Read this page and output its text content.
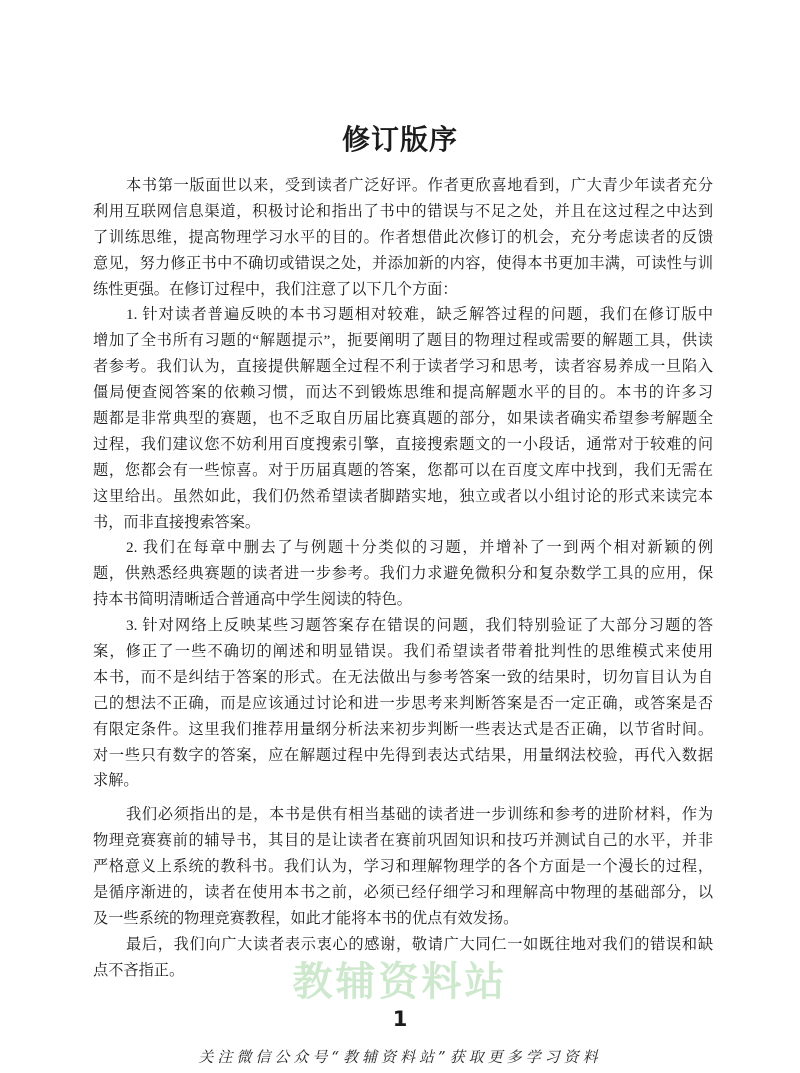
修订版序
教辅资料站
本书第一版面世以来，受到读者广泛好评。作者更欣喜地看到，广大青少年读者充分
利用互联网信息渠道，积极讨论和指出了书中的错误与不足之处，并且在这过程之中达到
了训练思维，提高物理学习水平的目的。作者想借此次修订的机会，充分考虑读者的反馈
意见，努力修正书中不确切或错误之处，并添加新的内容，使得本书更加丰满，可读性与训
练性更强。在修订过程中，我们注意了以下几个方面：
1. 针对读者普遍反映的本书习题相对较难，缺乏解答过程的问题，我们在修订版中
增加了全书所有习题的“解题提示”，扼要阐明了题目的物理过程或需要的解题工具，供读
者参考。我们认为，直接提供解题全过程不利于读者学习和思考，读者容易养成一旦陷入
僵局便查阅答案的依赖习惯，而达不到锻炼思维和提高解题水平的目的。本书的许多习
题都是非常典型的赛题，也不乏取自历届比赛真题的部分，如果读者确实希望参考解题全
过程，我们建议您不妨利用百度搜索引擎，直接搜索题文的一小段话，通常对于较难的问
题，您都会有一些惊喜。对于历届真题的答案，您都可以在百度文库中找到，我们无需在
这里给出。虽然如此，我们仍然希望读者脚踏实地，独立或者以小组讨论的形式来读完本
书，而非直接搜索答案。
2. 我们在每章中删去了与例题十分类似的习题，并增补了一到两个相对新颖的例
题，供熟悉经典赛题的读者进一步参考。我们力求避免微积分和复杂数学工具的应用，保
持本书简明清晰适合普通高中学生阅读的特色。
3. 针对网络上反映某些习题答案存在错误的问题，我们特别验证了大部分习题的答
案，修正了一些不确切的阐述和明显错误。我们希望读者带着批判性的思维模式来使用
本书，而不是纠结于答案的形式。在无法做出与参考答案一致的结果时，切勿盲目认为自
己的想法不正确，而是应该通过讨论和进一步思考来判断答案是否一定正确，或答案是否
有限定条件。这里我们推荐用量纲分析法来初步判断一些表达式是否正确，以节省时间。
对一些只有数字的答案，应在解题过程中先得到表达式结果，用量纲法校验，再代入数据
求解。
我们必须指出的是，本书是供有相当基础的读者进一步训练和参考的进阶材料，作为
物理竞赛赛前的辅导书，其目的是让读者在赛前巩固知识和技巧并测试自己的水平，并非
严格意义上系统的教科书。我们认为，学习和理解物理学的各个方面是一个漫长的过程，
是循序渐进的，读者在使用本书之前，必须已经仔细学习和理解高中物理的基础部分，以
及一些系统的物理竞赛教程，如此才能将本书的优点有效发扬。
最后，我们向广大读者表示衷心的感谢，敬请广大同仁一如既往地对我们的错误和缺
点不吝指正。
1
关注微信公众号“教辅资料站”获取更多学习资料
